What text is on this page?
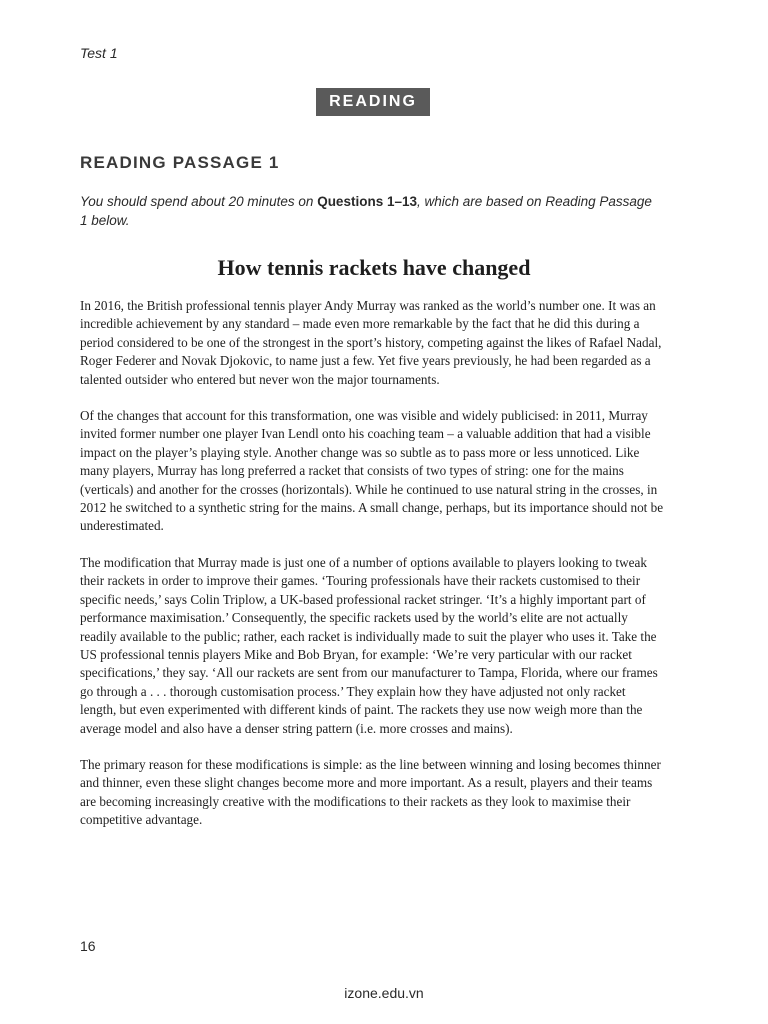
Test 1
READING
READING PASSAGE 1
You should spend about 20 minutes on Questions 1–13, which are based on Reading Passage 1 below.
How tennis rackets have changed

In 2016, the British professional tennis player Andy Murray was ranked as the world’s number one. It was an incredible achievement by any standard – made even more remarkable by the fact that he did this during a period considered to be one of the strongest in the sport’s history, competing against the likes of Rafael Nadal, Roger Federer and Novak Djokovic, to name just a few. Yet five years previously, he had been regarded as a talented outsider who entered but never won the major tournaments.

Of the changes that account for this transformation, one was visible and widely publicised: in 2011, Murray invited former number one player Ivan Lendl onto his coaching team – a valuable addition that had a visible impact on the player’s playing style. Another change was so subtle as to pass more or less unnoticed. Like many players, Murray has long preferred a racket that consists of two types of string: one for the mains (verticals) and another for the crosses (horizontals). While he continued to use natural string in the crosses, in 2012 he switched to a synthetic string for the mains. A small change, perhaps, but its importance should not be underestimated.

The modification that Murray made is just one of a number of options available to players looking to tweak their rackets in order to improve their games. ‘Touring professionals have their rackets customised to their specific needs,’ says Colin Triplow, a UK-based professional racket stringer. ‘It’s a highly important part of performance maximisation.’ Consequently, the specific rackets used by the world’s elite are not actually readily available to the public; rather, each racket is individually made to suit the player who uses it. Take the US professional tennis players Mike and Bob Bryan, for example: ‘We’re very particular with our racket specifications,’ they say. ‘All our rackets are sent from our manufacturer to Tampa, Florida, where our frames go through a . . . thorough customisation process.’ They explain how they have adjusted not only racket length, but even experimented with different kinds of paint. The rackets they use now weigh more than the average model and also have a denser string pattern (i.e. more crosses and mains).

The primary reason for these modifications is simple: as the line between winning and losing becomes thinner and thinner, even these slight changes become more and more important. As a result, players and their teams are becoming increasingly creative with the modifications to their rackets as they look to maximise their competitive advantage.

16
izone.edu.vn
